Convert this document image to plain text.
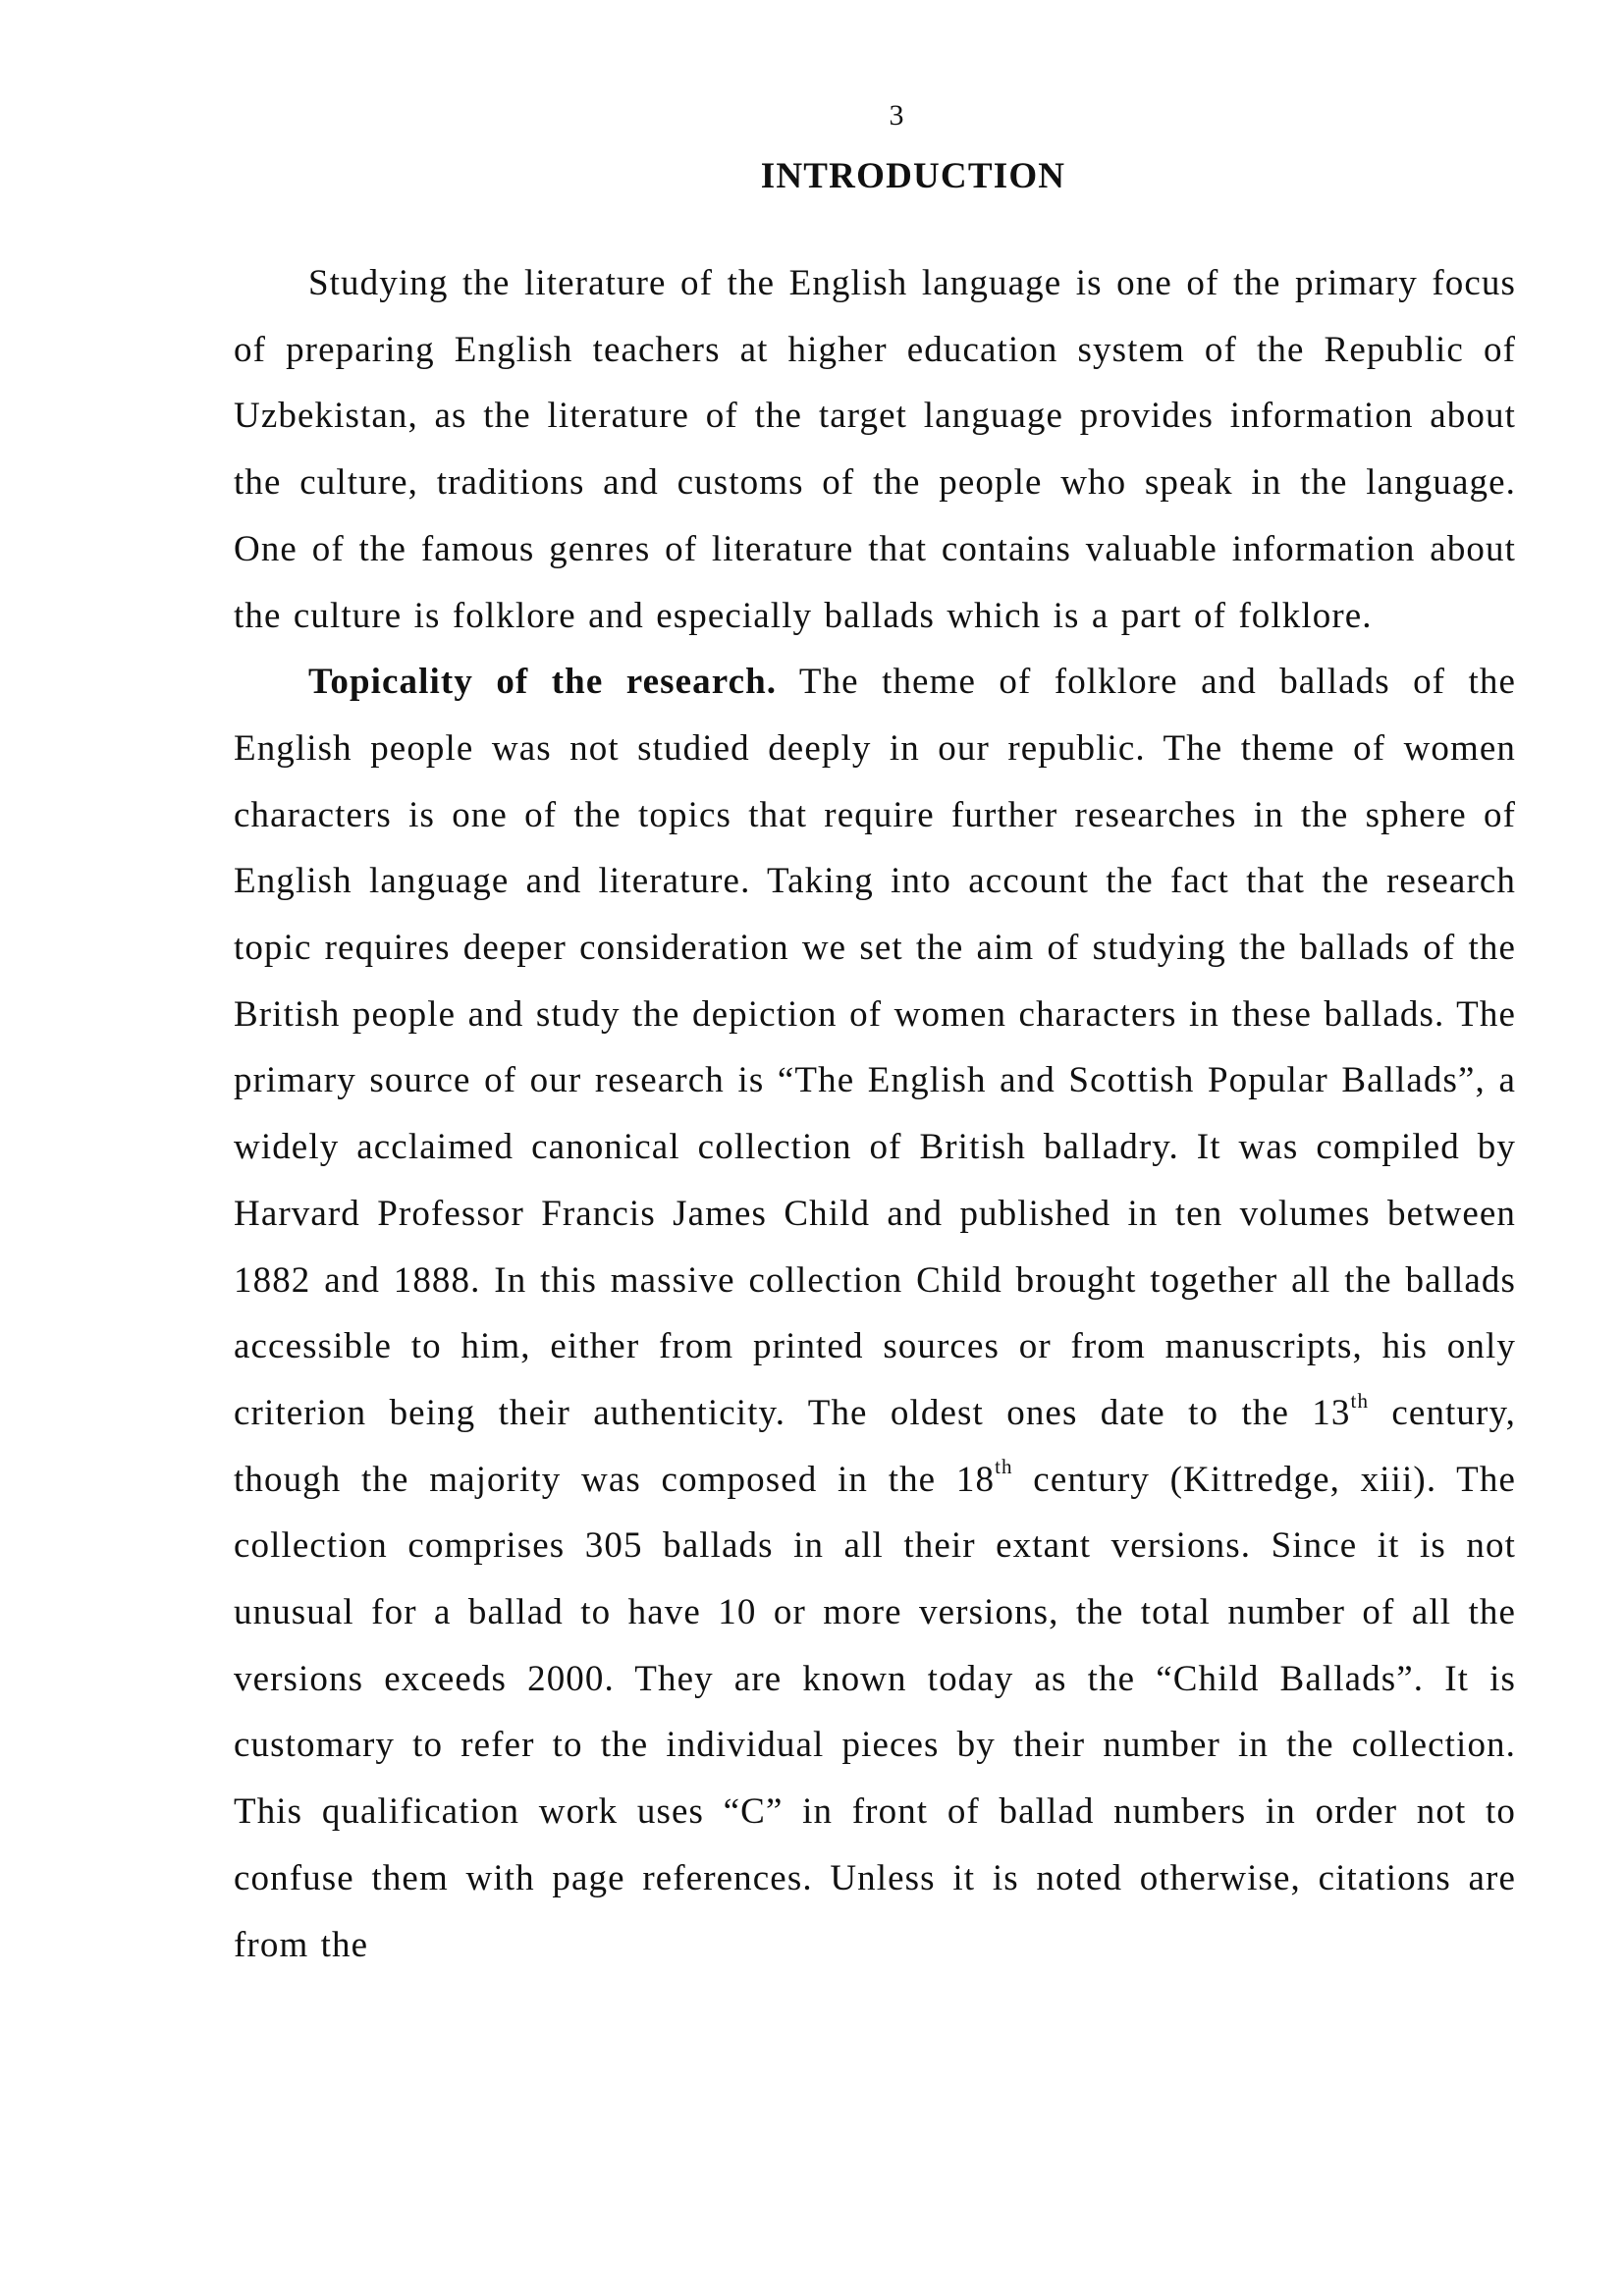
3

INTRODUCTION

Studying the literature of the English language is one of the primary focus of preparing English teachers at higher education system of the Republic of Uzbekistan, as the literature of the target language provides information about the culture, traditions and customs of the people who speak in the language. One of the famous genres of literature that contains valuable information about the culture is folklore and especially ballads which is a part of folklore.

Topicality of the research. The theme of folklore and ballads of the English people was not studied deeply in our republic. The theme of women characters is one of the topics that require further researches in the sphere of English language and literature. Taking into account the fact that the research topic requires deeper consideration we set the aim of studying the ballads of the British people and study the depiction of women characters in these ballads. The primary source of our research is “The English and Scottish Popular Ballads”, a widely acclaimed canonical collection of British balladry. It was compiled by Harvard Professor Francis James Child and published in ten volumes between 1882 and 1888. In this massive collection Child brought together all the ballads accessible to him, either from printed sources or from manuscripts, his only criterion being their authenticity. The oldest ones date to the 13th century, though the majority was composed in the 18th century (Kittredge, xiii). The collection comprises 305 ballads in all their extant versions. Since it is not unusual for a ballad to have 10 or more versions, the total number of all the versions exceeds 2000. They are known today as the “Child Ballads”. It is customary to refer to the individual pieces by their number in the collection. This qualification work uses “C” in front of ballad numbers in order not to confuse them with page references. Unless it is noted otherwise, citations are from the
